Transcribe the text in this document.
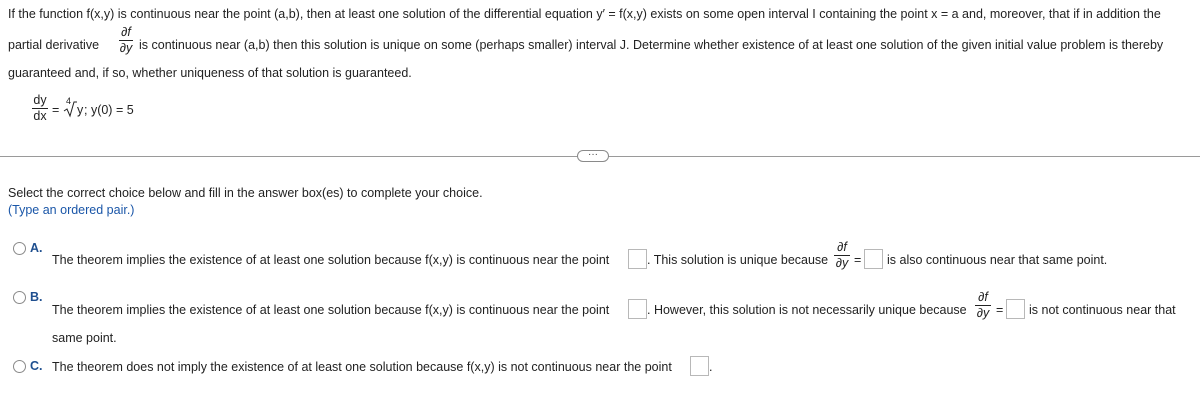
If the function f(x,y) is continuous near the point (a,b), then at least one solution of the differential equation y′ = f(x,y) exists on some open interval I containing the point x = a and, moreover, that if in addition the
partial derivative
∂f
∂y is continuous near (a,b) then this solution is unique on some (perhaps smaller) interval J. Determine whether existence of at least one solution of the given initial value problem is thereby
guaranteed and, if so, whether uniqueness of that solution is guaranteed.
dy
dx =
4
y ; y(0) = 5
···
Select the correct choice below and fill in the answer box(es) to complete your choice.
(Type an ordered pair.)
A.
The theorem implies the existence of at least one solution because f(x,y) is continuous near the point	. This solution is unique because
∂f
∂y = is also continuous near that same point.
B.
The theorem implies the existence of at least one solution because f(x,y) is continuous near the point	. However, this solution is not necessarily unique because
∂f
∂y = is not continuous near that
same point.
C. The theorem does not imply the existence of at least one solution because f(x,y) is not continuous near the point	.
